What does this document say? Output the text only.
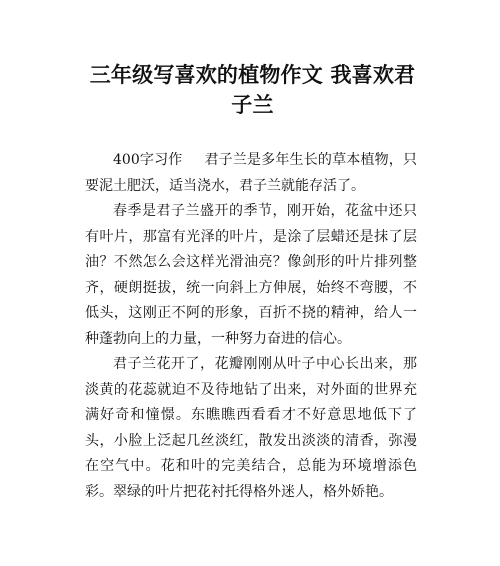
三年级写喜欢的植物作文 我喜欢君子兰

400字习作 君子兰是多年生长的草本植物，只要泥土肥沃，适当浇水，君子兰就能存活了。

春季是君子兰盛开的季节，刚开始，花盆中还只有叶片，那富有光泽的叶片，是涂了层蜡还是抹了层油？不然怎么会这样光滑油亮？像剑形的叶片排列整齐，硬朗挺拔，统一向斜上方伸展，始终不弯腰，不低头，这刚正不阿的形象，百折不挠的精神，给人一种蓬勃向上的力量，一种努力奋进的信心。

君子兰花开了，花瓣刚刚从叶子中心长出来，那淡黄的花蕊就迫不及待地钻了出来，对外面的世界充满好奇和憧憬。东瞧瞧西看看才不好意思地低下了头，小脸上泛起几丝淡红，散发出淡淡的清香，弥漫在空气中。花和叶的完美结合，总能为环境增添色彩。翠绿的叶片把花衬托得格外迷人，格外娇艳。
